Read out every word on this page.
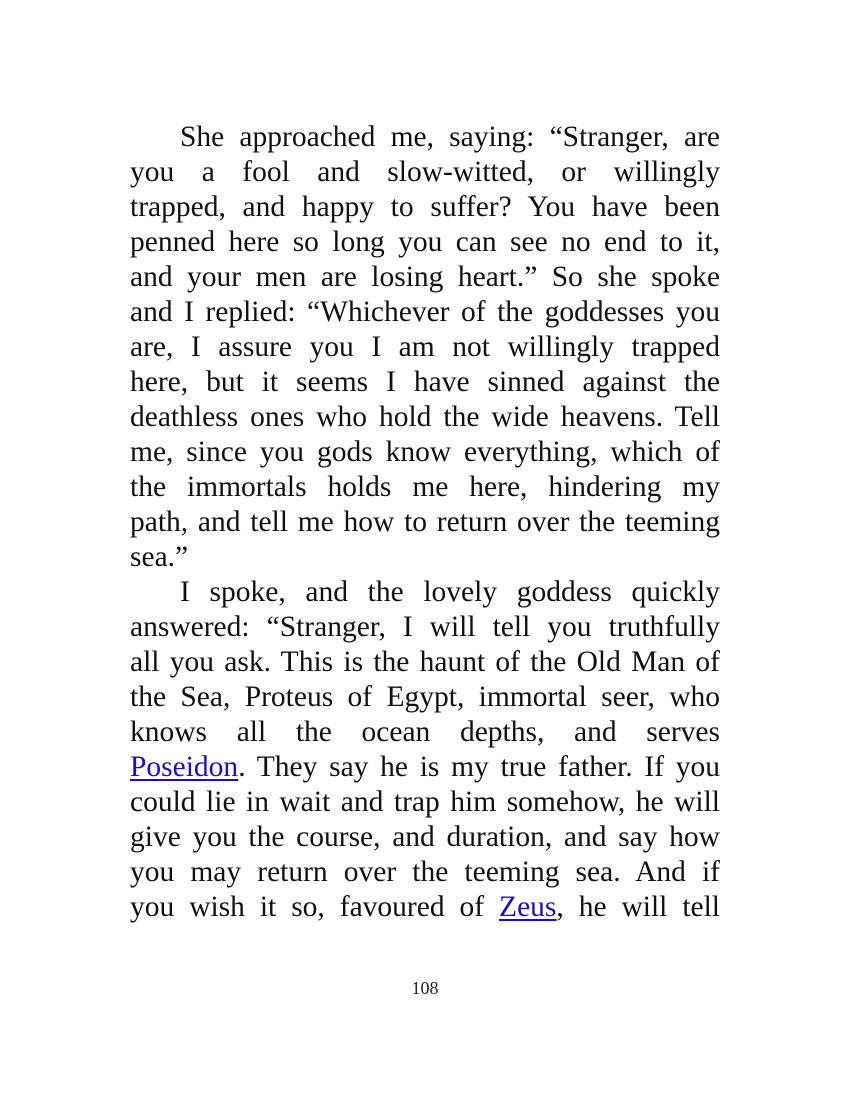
She approached me, saying: “Stranger, are
you a fool and slow-witted, or willingly
trapped, and happy to suffer? You have been
penned here so long you can see no end to it,
and your men are losing heart.” So she spoke
and I replied: “Whichever of the goddesses you
are, I assure you I am not willingly trapped
here, but it seems I have sinned against the
deathless ones who hold the wide heavens. Tell
me, since you gods know everything, which of
the immortals holds me here, hindering my
path, and tell me how to return over the teeming
sea.”
I spoke, and the lovely goddess quickly
answered: “Stranger, I will tell you truthfully
all you ask. This is the haunt of the Old Man of
the Sea, Proteus of Egypt, immortal seer, who
knows all the ocean depths, and serves
Poseidon. They say he is my true father. If you
could lie in wait and trap him somehow, he will
give you the course, and duration, and say how
you may return over the teeming sea. And if
you wish it so, favoured of Zeus, he will tell
108
